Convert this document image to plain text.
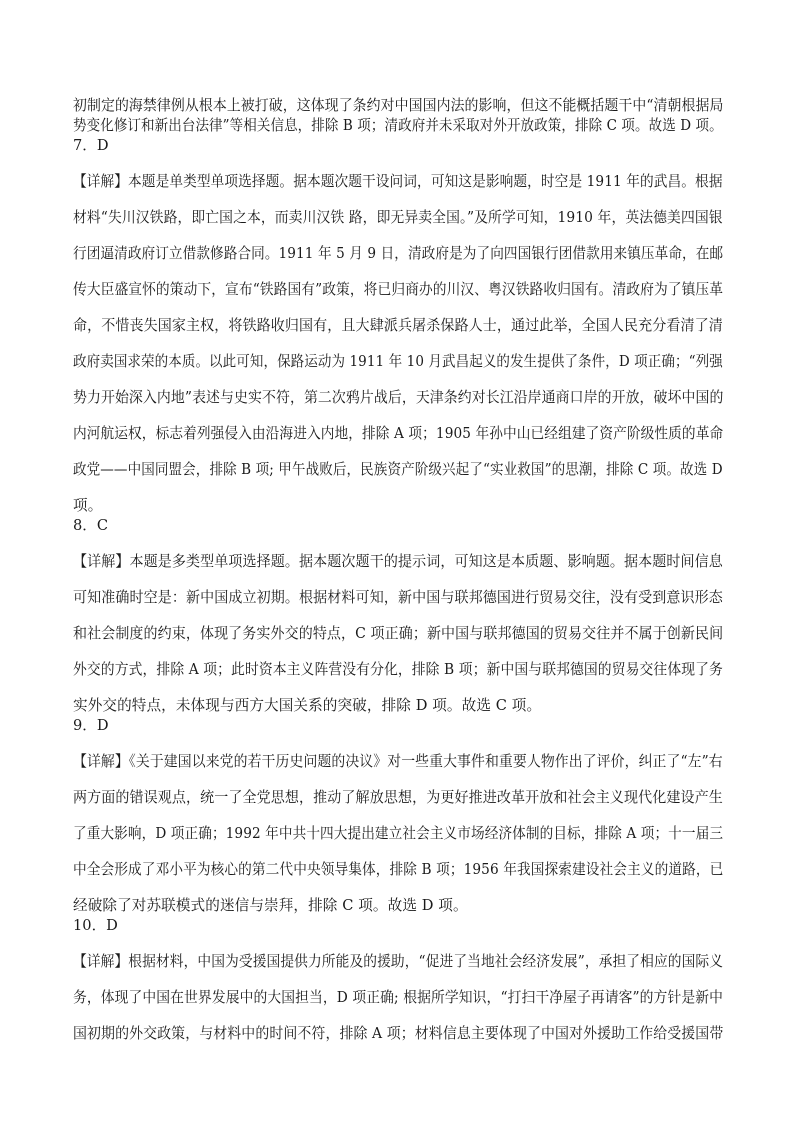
初制定的海禁律例从根本上被打破，这体现了条约对中国国内法的影响，但这不能概括题干中“清朝根据局

势变化修订和新出台法律”等相关信息，排除 B 项；清政府并未采取对外开放政策，排除 C 项。故选 D 项。

7．D

【详解】本题是单类型单项选择题。据本题次题干设问词，可知这是影响题，时空是 1911 年的武昌。根据

材料“失川汉铁路，即亡国之本，而卖川汉铁 路，即无异卖全国。”及所学可知，1910 年，英法德美四国银

行团逼清政府订立借款修路合同。1911 年 5 月 9 日，清政府是为了向四国银行团借款用来镇压革命，在邮

传大臣盛宣怀的策动下，宣布“铁路国有”政策，将已归商办的川汉、粤汉铁路收归国有。清政府为了镇压革

命，不惜丧失国家主权，将铁路收归国有，且大肆派兵屠杀保路人士，通过此举，全国人民充分看清了清

政府卖国求荣的本质。以此可知，保路运动为 1911 年 10 月武昌起义的发生提供了条件，D 项正确；“列强

势力开始深入内地”表述与史实不符，第二次鸦片战后，天津条约对长江沿岸通商口岸的开放，破坏中国的

内河航运权，标志着列强侵入由沿海进入内地，排除 A 项；1905 年孙中山已经组建了资产阶级性质的革命

政党——中国同盟会，排除 B 项; 甲午战败后，民族资产阶级兴起了“实业救国”的思潮，排除 C 项。故选 D

项。

8．C

【详解】本题是多类型单项选择题。据本题次题干的提示词，可知这是本质题、影响题。据本题时间信息

可知准确时空是：新中国成立初期。根据材料可知，新中国与联邦德国进行贸易交往，没有受到意识形态

和社会制度的约束，体现了务实外交的特点，C 项正确；新中国与联邦德国的贸易交往并不属于创新民间

外交的方式，排除 A 项；此时资本主义阵营没有分化，排除 B 项；新中国与联邦德国的贸易交往体现了务

实外交的特点，未体现与西方大国关系的突破，排除 D 项。故选 C 项。

9．D

【详解】《关于建国以来党的若干历史问题的决议》对一些重大事件和重要人物作出了评价，纠正了“左”右

两方面的错误观点，统一了全党思想，推动了解放思想，为更好推进改革开放和社会主义现代化建设产生

了重大影响，D 项正确；1992 年中共十四大提出建立社会主义市场经济体制的目标，排除 A 项；十一届三

中全会形成了邓小平为核心的第二代中央领导集体，排除 B 项；1956 年我国探索建设社会主义的道路，已

经破除了对苏联模式的迷信与崇拜，排除 C 项。故选 D 项。

10．D

【详解】根据材料，中国为受援国提供力所能及的援助，“促进了当地社会经济发展”，承担了相应的国际义

务，体现了中国在世界发展中的大国担当，D 项正确; 根据所学知识，“打扫干净屋子再请客”的方针是新中

国初期的外交政策，与材料中的时间不符，排除 A 项；材料信息主要体现了中国对外援助工作给受援国带
